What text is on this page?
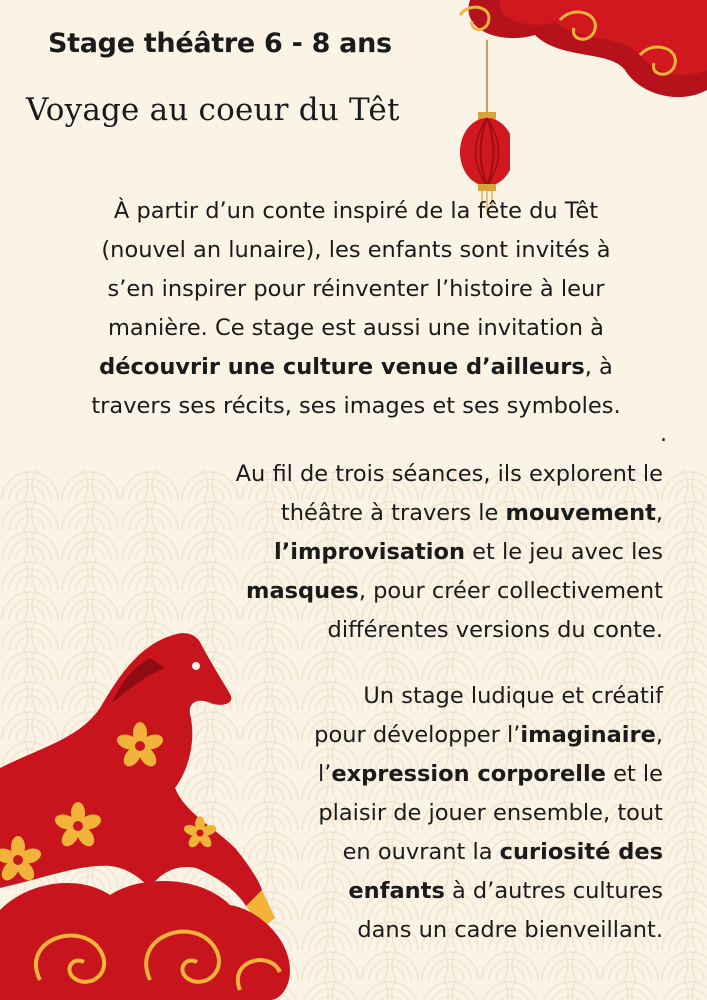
Stage théâtre 6 - 8 ans
Voyage au coeur du Têt

À partir d’un conte inspiré de la fête du Têt
(nouvel an lunaire), les enfants sont invités à
s’en inspirer pour réinventer l’histoire à leur
manière. Ce stage est aussi une invitation à
découvrir une culture venue d’ailleurs, à
travers ses récits, ses images et ses symboles.

.

Au fil de trois séances, ils explorent le
théâtre à travers le mouvement,
l’improvisation et le jeu avec les
masques, pour créer collectivement
différentes versions du conte.

Un stage ludique et créatif
pour développer l’imaginaire,
l’expression corporelle et le
plaisir de jouer ensemble, tout
en ouvrant la curiosité des
enfants à d’autres cultures
dans un cadre bienveillant.
